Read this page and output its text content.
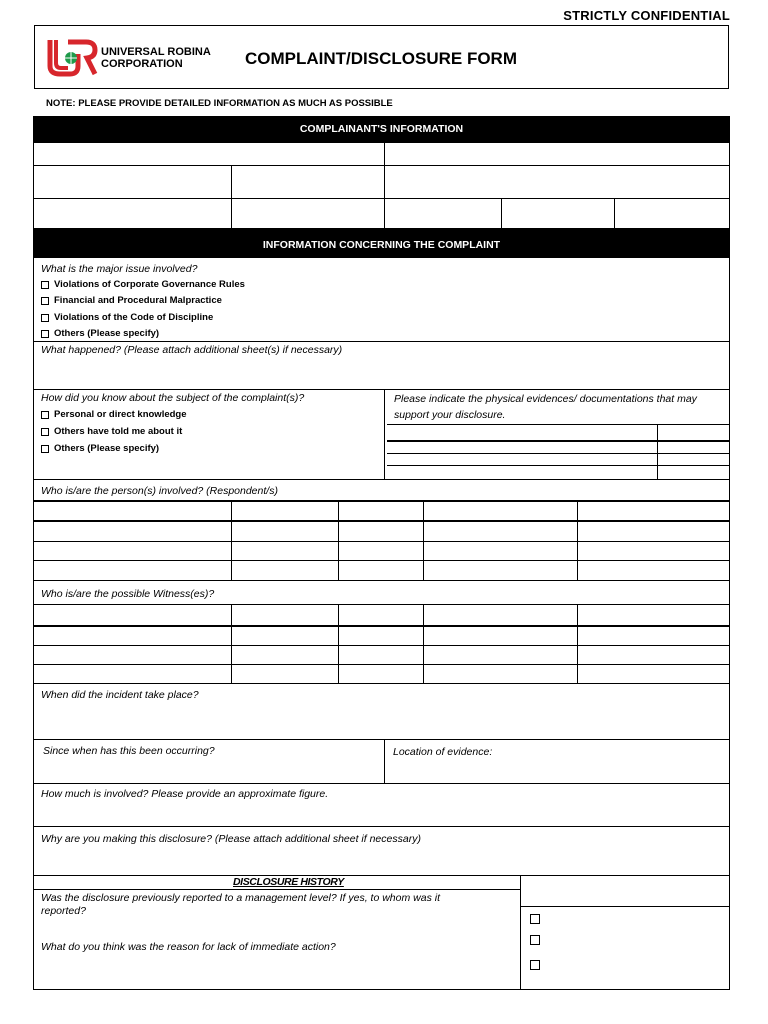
STRICTLY CONFIDENTIAL
UNIVERSAL ROBINA
CORPORATION	COMPLAINT/DISCLOSURE FORM
NOTE: PLEASE PROVIDE DETAILED INFORMATION AS MUCH AS POSSIBLE
COMPLAINANT'S INFORMATION
INFORMATION CONCERNING THE COMPLAINT
What is the major issue involved?
Violations of Corporate Governance Rules
Financial and Procedural Malpractice
Violations of the Code of Discipline
Others (Please specify)
What happened? (Please attach additional sheet(s) if necessary)
How did you know about the subject of the complaint(s)?
Personal or direct knowledge
Others have told me about it
Others (Please specify)
Please indicate the physical evidences/ documentations that may
support your disclosure.
Who is/are the person(s) involved? (Respondent/s)
Who is/are the possible Witness(es)?
When did the incident take place?
Since when has this been occurring?	Location of evidence:
How much is involved? Please provide an approximate figure.
Why are you making this disclosure? (Please attach additional sheet if necessary)
DISCLOSURE HISTORY
Was the disclosure previously reported to a management level? If yes, to whom was it
reported?
What do you think was the reason for lack of immediate action?
